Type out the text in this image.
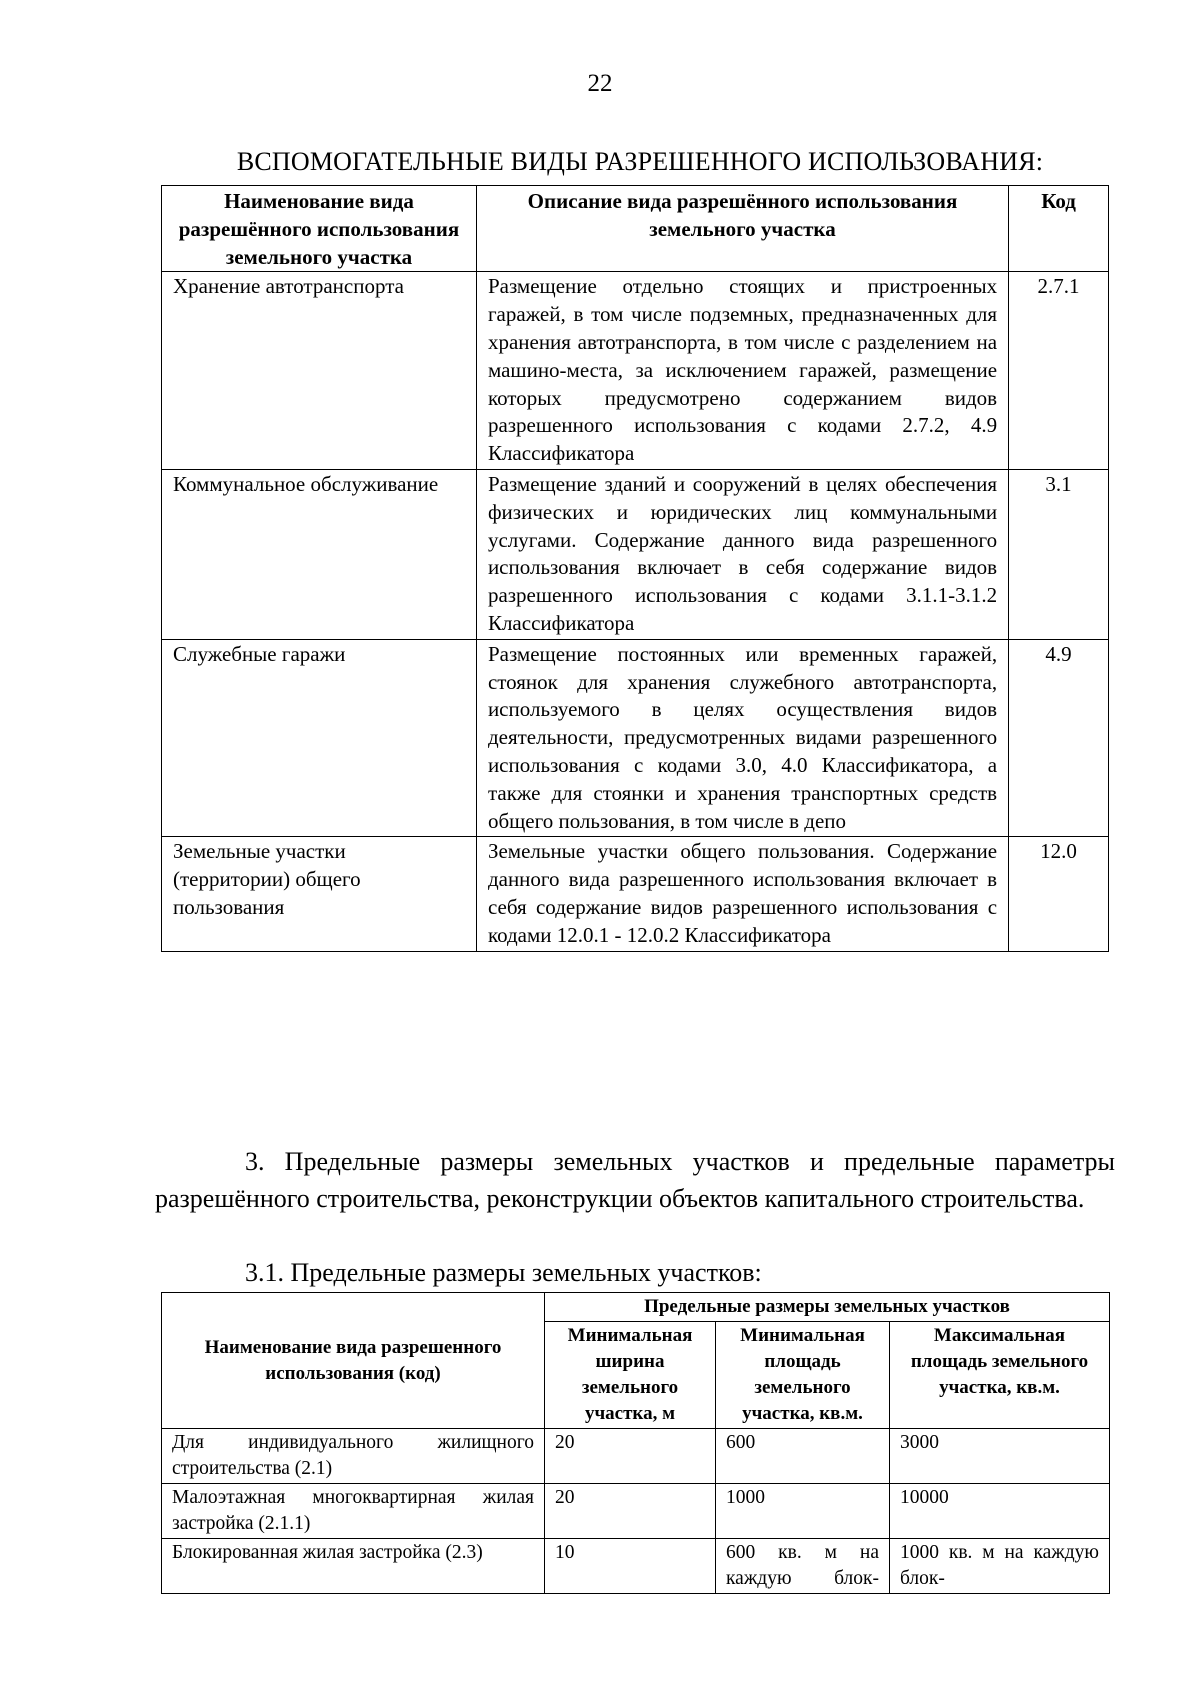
22
ВСПОМОГАТЕЛЬНЫЕ ВИДЫ РАЗРЕШЕННОГО ИСПОЛЬЗОВАНИЯ:
Наименование вида разрешённого использования земельного участка	Описание вида разрешённого использования земельного участка	Код
Хранение автотранспорта	Размещение отдельно стоящих и пристроенных гаражей, в том числе подземных, предназначенных для хранения автотранспорта, в том числе с разделением на машино-места, за исключением гаражей, размещение которых предусмотрено содержанием видов разрешенного использования с кодами 2.7.2, 4.9 Классификатора	2.7.1
Коммунальное обслуживание	Размещение зданий и сооружений в целях обеспечения физических и юридических лиц коммунальными услугами. Содержание данного вида разрешенного использования включает в себя содержание видов разрешенного использования с кодами 3.1.1-3.1.2 Классификатора	3.1
Служебные гаражи	Размещение постоянных или временных гаражей, стоянок для хранения служебного автотранспорта, используемого в целях осуществления видов деятельности, предусмотренных видами разрешенного использования с кодами 3.0, 4.0 Классификатора, а также для стоянки и хранения транспортных средств общего пользования, в том числе в депо	4.9
Земельные участки (территории) общего пользования	Земельные участки общего пользования. Содержание данного вида разрешенного использования включает в себя содержание видов разрешенного использования с кодами 12.0.1 - 12.0.2 Классификатора	12.0
3. Предельные размеры земельных участков и предельные параметры разрешённого строительства, реконструкции объектов капитального строительства.
3.1. Предельные размеры земельных участков:
Наименование вида разрешенного использования (код)	Предельные размеры земельных участков		
	Минимальная ширина земельного участка, м	Минимальная площадь земельного участка, кв.м.	Максимальная площадь земельного участка, кв.м.
Для индивидуального жилищного строительства (2.1)	20	600	3000
Малоэтажная многоквартирная жилая застройка (2.1.1)	20	1000	10000
Блокированная жилая застройка (2.3)	10	600 кв. м на каждую блок-	1000 кв. м на каждую блок-
